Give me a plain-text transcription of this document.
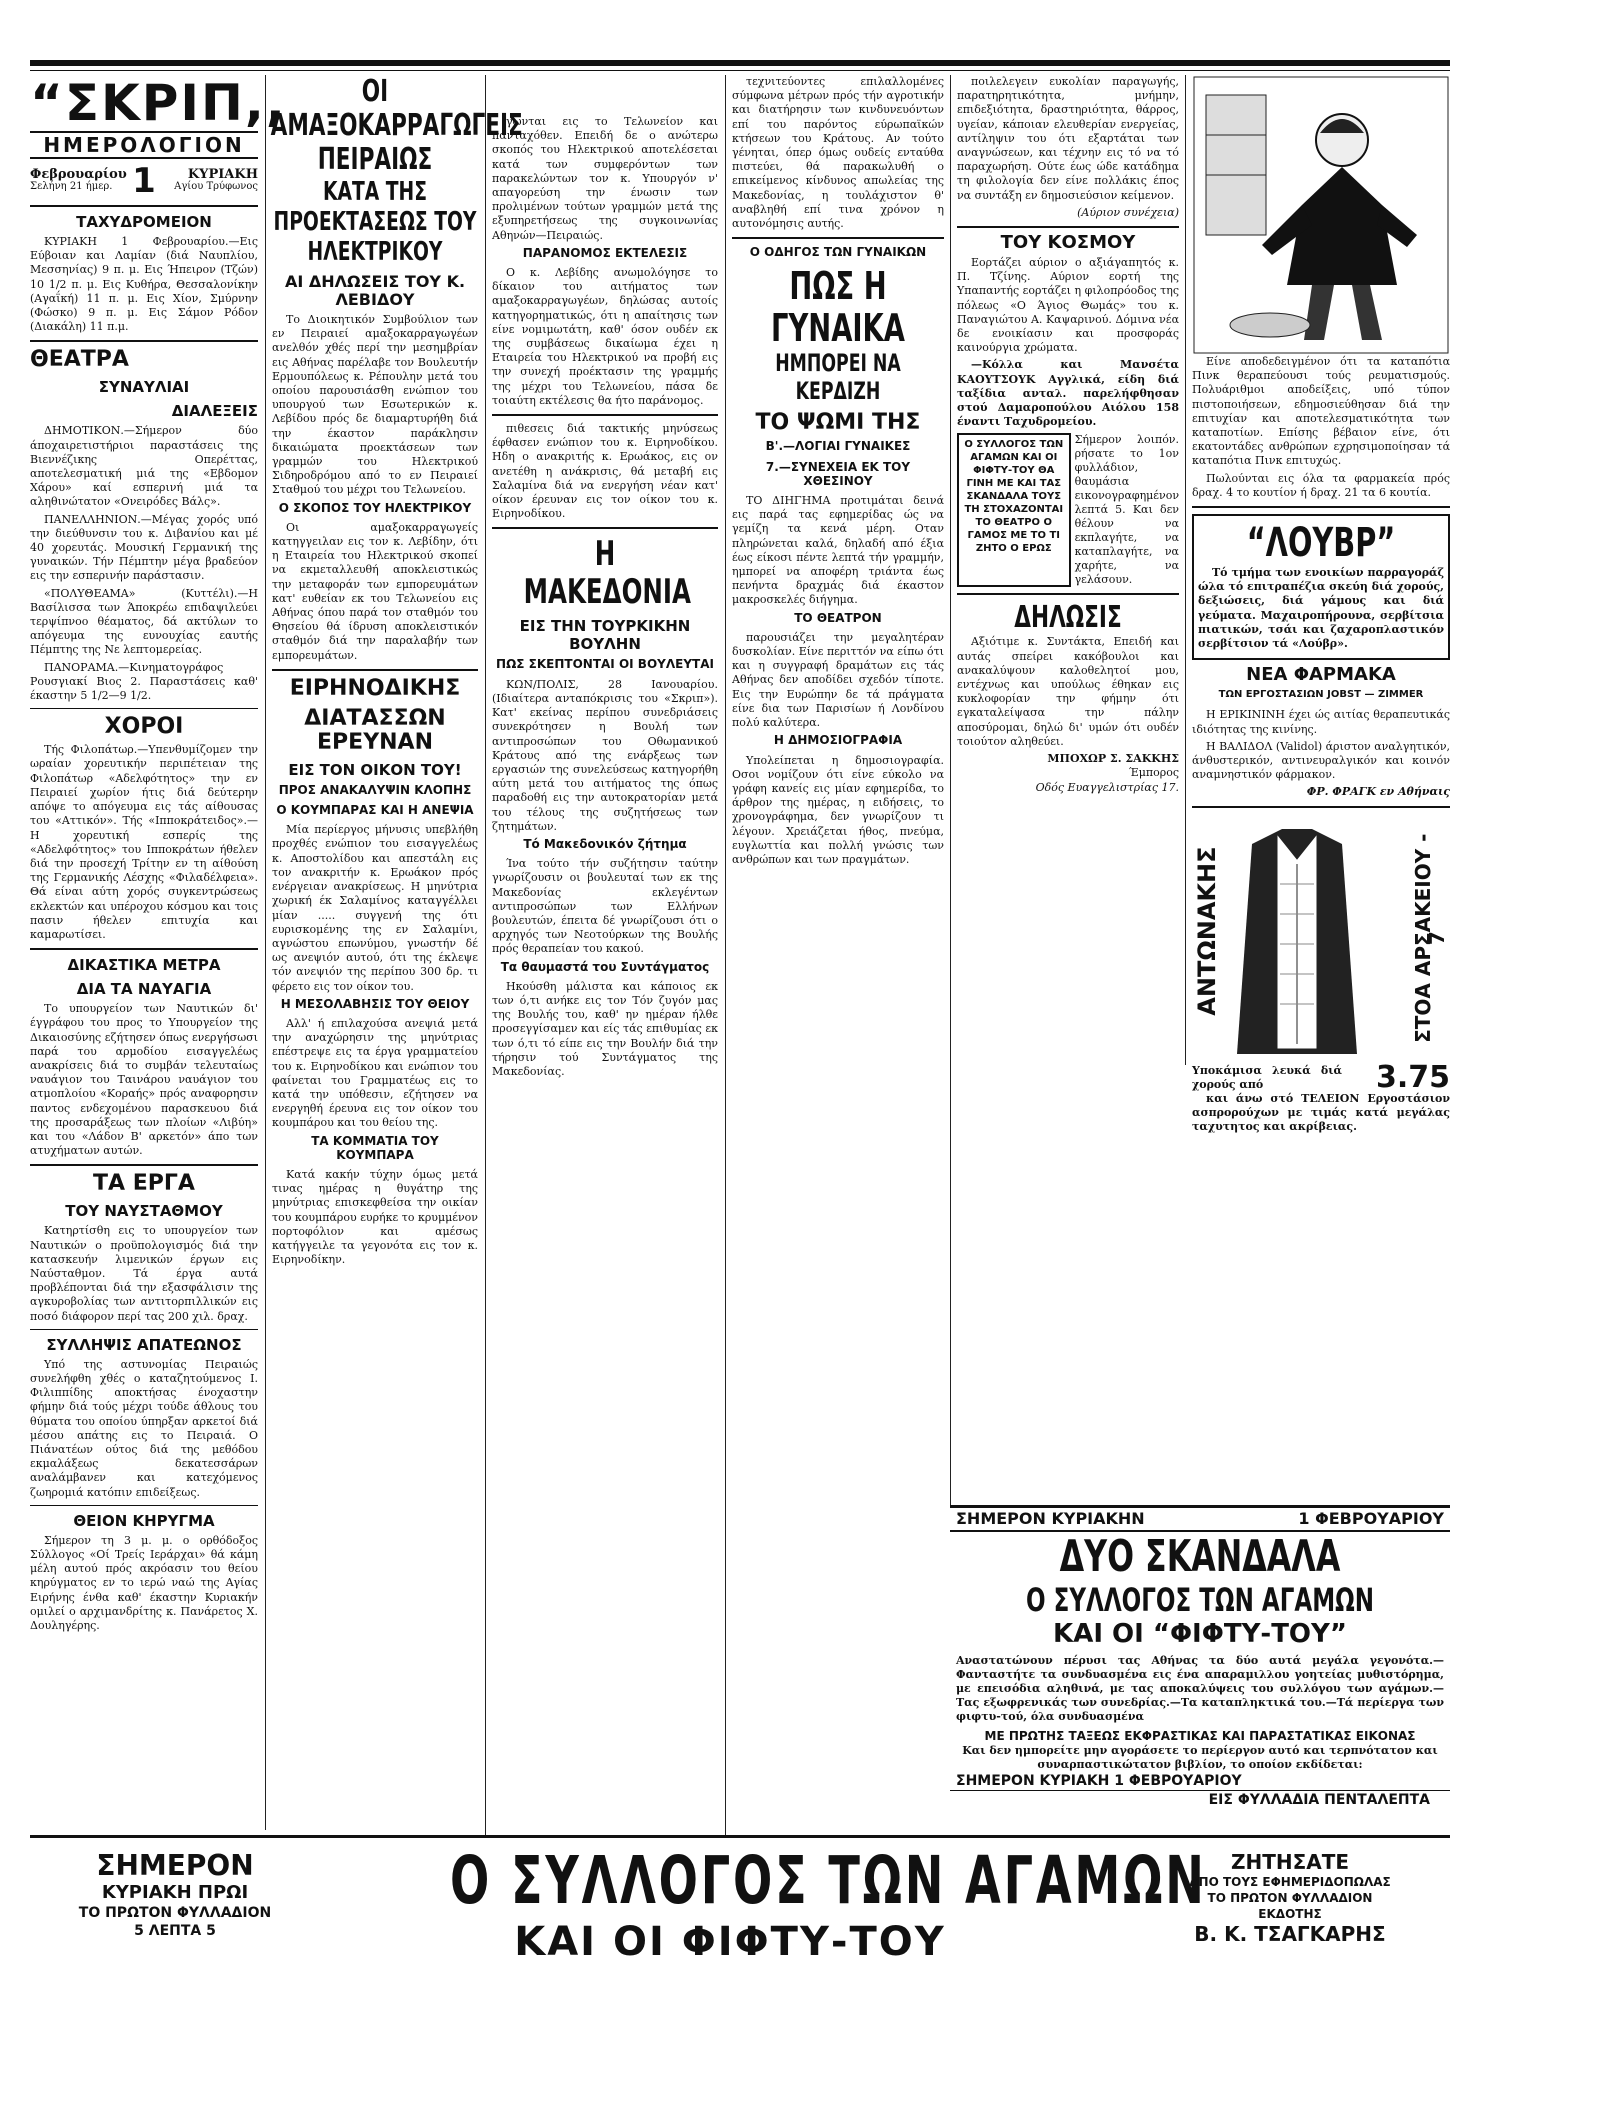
“ΣΚΡΙΠ,,
ΗΜΕΡΟΛΟΓΙΟΝ
Φεβρουαρίου
Σελήνη 21 ήμερ. 1	ΚΥΡΙΑΚΗ
Αγίου Τρύφωνος
ΤΑΧΥΔΡΟΜΕΙΟΝ

ΚΥΡΙΑΚΗ 1 Φεβρουαρίου.—Εις Εύβοιαν και Λαμίαν (διά Ναυπλίου, Μεσσηνίας) 9 π. μ. Εις Ήπειρον (Τζών) 10 1/2 π. μ. Εις Κυθήρα, Θεσσαλονίκην (Αγαΐκή) 11 π. μ. Εις Χίον, Σμύρνην (Φώσκο) 9 π. μ. Εις Σάμον Ρόδον (Διακάλη) 11 π.μ.

ΘΕΑΤΡΑ
ΣΥΝΑΥΛΙΑΙ
ΔΙΑΛΕΞΕΙΣ

ΔΗΜΟΤΙΚΟΝ.—Σήμερον δύο άποχαιρετιστήριοι παραστάσεις της Βιεννέζικης Οπερέττας, αποτελεσματική μιά της «Εβδομον Χάρου» καί εσπερινή μιά τα αληθινώτατον «Ονειρόδες Βάλς».

ΠΑΝΕΛΛΗΝΙΟΝ.—Μέγας χορός υπό την διεύθυνσιν του κ. Διβανίου και μέ 40 χορευτάς. Μουσική Γερμανική της γυναικών. Τήν Πέμπτην μέγα βραδεύον εις την εσπερινήν παράστασιν.

«ΠΟΛΥΘΕΑΜΑ» (Κυττέλι).—Η Βασίλισσα των Άποκρέω επιδαψιλεύει τερψίπνοο θέαματος, δά ακτύλων το απόγευμα της ευνουχίας εαυτής Πέμπτης της Νε λεπτομερείας.

ΠΑΝΟΡΑΜΑ.—Κινηματογράφος Ρουσγιακί Βιος 2. Παραστάσεις καθ' έκαστην 5 1/2—9 1/2.

ΧΟΡΟΙ

Τής Φιλοπάτωρ.—Υπενθυμίζομεν την ωραίαν χορευτικήν περιπέτειαν της Φιλοπάτωρ «Αδελφότητος» την εν Πειραιεί χωρίον ήτις διά δεύτερην απόψε το απόγευμα εις τάς αίθουσας του «Αττικόν». Τής «Ιπποκράτειδος».—Η χορευτική εσπερίς της «Αδελφότητος» του Ιπποκράτων ήθελεν διά την προσεχή Τρίτην εν τη αίθούση της Γερμανικής Λέσχης «Φιλαδέλφεια». Θά είναι αύτη χορός συγκεντρώσεως εκλεκτών και υπέροχου κόσμου και τοις πασιν ήθελεν επιτυχία και καμαρωτίσει.

ΔΙΚΑΣΤΙΚΑ ΜΕΤΡΑ
ΔΙΑ ΤΑ ΝΑΥΑΓΙΑ

Το υπουργείον των Ναυτικών δι' έγγράφου του προς το Υπουργείον της Δικαιοσύνης εζήτησεν όπως ενεργήσωσι παρά του αρμοδίου εισαγγελέως ανακρίσεις διά το συμβάν τελευταίως ναυάγιον του Ταινάρου ναυάγιον του ατμοπλοίου «Κοραής» πρός αναφορησιν παντος ενδεχομένου παρασκευου διά της προσαράξεως των πλοίων «Λιβύη» και του «Λάδον Β' αρκετόν» άπο των ατυχήματων αυτών.

ΤΑ ΕΡΓΑ
ΤΟΥ ΝΑΥΣΤΑΘΜΟΥ

Κατηρτίσθη εις το υπουργείον των Ναυτικών ο προϋπολογισμός διά την κατασκευήν λιμενικών έργων εις Ναύσταθμον. Τά έργα αυτά προβλέπονται διά την εξασφάλισιν της αγκυροβολίας των αντιτορπιλλικών εις ποσό διάφορον περί τας 200 χιλ. δραχ.

ΣΥΛΛΗΨΙΣ ΑΠΑΤΕΩΝΟΣ

Υπό της αστυνομίας Πειραιώς συνελήφθη χθές ο καταζητούμενος Ι. Φιλιππίδης αποκτήσας ένοχαστην φήμην διά τούς μέχρι τούδε άθλους του θύματα του οποίου ύπηρξαν αρκετοί διά μέσου απάτης εις το Πειραιά. Ο Πιάνατέων ούτος διά της μεθόδου εκμαλάξεως δεκατεσσάρων αναλάμβανεν και κατεχόμενος ζωηρομιά κατόπιν επιδείξεως.

ΘΕΙΟΝ ΚΗΡΥΓΜΑ

Σήμερον τη 3 μ. μ. ο ορθόδοξος Σύλλογος «Οί Τρείς Ιεράρχαι» θά κάμη μέλη αυτού πρός ακρόασιν του θείου κηρύγματος εν το ιερώ ναώ της Αγίας Ειρήνης ένθα καθ' έκαστην Κυριακήν ομιλεί ο αρχιμανδρίτης κ. Πανάρετος Χ. Δουληγέρης.

ΟΙ ΑΜΑΞΟΚΑΡΡΑΓΩΓΕΙΣ ΠΕΙΡΑΙΩΣ
ΚΑΤΑ ΤΗΣ ΠΡΟΕΚΤΑΣΕΩΣ ΤΟΥ ΗΛΕΚΤΡΙΚΟΥ
ΑΙ ΔΗΛΩΣΕΙΣ ΤΟΥ Κ. ΛΕΒΙΔΟΥ

Το Διοικητικόν Συμβούλιον των εν Πειραιεί αμαξοκαρραγωγέων ανελθόν χθές περί την μεσημβρίαν εις Αθήνας παρέλαβε τον Βουλευτήν Ερμουπόλεως κ. Ρέπουλην μετά του οποίου παρουσιάσθη ενώπιον του υπουργού των Εσωτερικών κ. Λεβίδου πρός δε διαμαρτυρήθη διά την έκαστον παράκλησιν δικαιώματα προεκτάσεων των γραμμών του Ηλεκτρικού Σιδηροδρόμου από το εν Πειραιεί Σταθμού του μέχρι του Τελωνείου.

Ο ΣΚΟΠΟΣ ΤΟΥ ΗΛΕΚΤΡΙΚΟΥ

Οι αμαξοκαρραγωγείς κατηγγειλαν εις τον κ. Λεβίδην, ότι η Εταιρεία του Ηλεκτρικού σκοπεί να εκμεταλλευθή αποκλειστικώς την μεταφοράν των εμπορευμάτων κατ' ευθείαν εκ του Τελωνείου εις Αθήνας όπου παρά τον σταθμόν του Θησείου θά ίδρυση αποκλειστικόν σταθμόν διά την παραλαβήν των εμπορευμάτων.

ΕΙΡΗΝΟΔΙΚΗΣ
ΔΙΑΤΑΣΣΩΝ ΕΡΕΥΝΑΝ
ΕΙΣ ΤΟΝ ΟΙΚΟΝ ΤΟΥ!
ΠΡΟΣ ΑΝΑΚΑΛΥΨΙΝ ΚΛΟΠΗΣ
Ο ΚΟΥΜΠΑΡΑΣ ΚΑΙ Η ΑΝΕΨΙΑ

Μία περίεργος μήνυσις υπεβλήθη προχθές ενώπιον του εισαγγελέως κ. Αποστολίδου και απεστάλη εις τον ανακριτήν κ. Ερωάκον πρός ενέργειαν ανακρίσεως. Η μηνύτρια χωρική έκ Σαλαμίνος καταγγέλλει μίαν ..... συγγενή της ότι ευρισκομένης της εν Σαλαμίνι, αγνώστου επωνύμου, γνωστήν δέ ως ανεψιόν αυτού, ότι της έκλεψε τόν ανεψιόν της περίπου 300 δρ. τι φέρετο εις τον οίκον του.

Η ΜΕΣΟΛΑΒΗΣΙΣ ΤΟΥ ΘΕΙΟΥ

Αλλ' ή επιλαχούσα ανεψιά μετά την αναχώρησιν της μηνύτριας επέστρεψε εις τα έργα γραμματείου του κ. Ειρηνοδίκου και ενώπιον του φαίνεται του Γραμματέως εις το κατά την υπόθεσιν, εζήτησεν να ενεργηθή έρευνα εις τον οίκον του κουμπάρου και του θείου της.

ΤΑ ΚΟΜΜΑΤΙΑ ΤΟΥ ΚΟΥΜΠΑΡΑ

Κατά κακήν τύχην όμως μετά τινας ημέρας η θυγάτηρ της μηνύτριας επισκεφθείσα την οικίαν του κουμπάρου ευρήκε το κρυμμένον πορτοφόλιον και αμέσως κατήγγειλε τα γεγονότα εις τον κ. Ειρηνοδίκην.

γωνται εις το Τελωνείον και πανταχόθεν. Επειδή δε ο ανώτερω σκοπός του Ηλεκτρικού αποτελέσεται κατά των συμφερόντων των παρακελώντων τον κ. Υπουργόν ν' απαγορεύση την ένωσιν των προλιμένων τούτων γραμμών μετά της εξυπηρετήσεως της συγκοινωνίας Αθηνών—Πειραιώς.

ΠΑΡΑΝΟΜΟΣ ΕΚΤΕΛΕΣΙΣ

Ο κ. Λεβίδης ανωμολόγησε το δίκαιον του αιτήματος των αμαξοκαρραγωγέων, δηλώσας αυτοίς κατηγορηματικώς, ότι η απαίτησις των είνε νομιμωτάτη, καθ' όσον ουδέν εκ της συμβάσεως δικαίωμα έχει η Εταιρεία του Ηλεκτρικού να προβή εις την συνεχή προέκτασιν της γραμμής της μέχρι του Τελωνείου, πάσα δε τοιαύτη εκτέλεσις θα ήτο παράνομος.

πιθεσεις διά τακτικής μηνύσεως έφθασεν ενώπιον του κ. Ειρηνοδίκου. Ηδη ο ανακριτής κ. Ερωάκος, εις ον ανετέθη η ανάκρισις, θά μεταβή εις Σαλαμίνα διά να ενεργήση νέαν κατ' οίκον έρευναν εις τον οίκον του κ. Ειρηνοδίκου.

Η ΜΑΚΕΔΟΝΙΑ
ΕΙΣ ΤΗΝ ΤΟΥΡΚΙΚΗΝ ΒΟΥΛΗΝ
ΠΩΣ ΣΚΕΠΤΟΝΤΑΙ ΟΙ ΒΟΥΛΕΥΤΑΙ

ΚΩΝ/ΠΟΛΙΣ, 28 Ιανουαρίου. (Ιδιαίτερα ανταπόκρισις του «Σκριπ»). Κατ' εκείνας περίπου συνεδριάσεις συνεκρότησεν η Βουλή των αντιπροσώπων του Οθωμανικού Κράτους από της ενάρξεως των εργασιών της συνελεύσεως κατηγορήθη αύτη μετά του αιτήματος της όπως παραδοθή εις την αυτοκρατορίαν μετά του τέλους της συζητήσεως των ζητημάτων.

Τό Μακεδονικόν ζήτημα

Ίνα τούτο τήν συζήτησιν ταύτην γνωρίζουσιν οι βουλευταί των εκ της Μακεδονίας εκλεγέντων αντιπροσώπων των Ελλήνων βουλευτών, έπειτα δέ γνωρίζουσι ότι ο αρχηγός των Νεοτούρκων της Βουλής πρός θεραπείαν του κακού.

Τα θαυμαστά του Συντάγματος

Ηκούσθη μάλιστα και κάποιος εκ των ό,τι ανήκε εις τον Τόν ζυγόν μας της Βουλής του, καθ' ην ημέραν ήλθε προσεγγίσαμεν και είς τάς επιθυμίας εκ των ό,τι τό είπε εις την Βουλήν διά την τήρησιν τού Συντάγματος της Μακεδονίας.

τεχνιτεύοντες επιλαλλομένες σύμφωνα μέτρων πρός τήν αγροτικήν και διατήρησιν των κινδυνευόντων επί του παρόντος εύρωπαϊκών κτήσεων του Κράτους. Αν τούτο γένηται, όπερ όμως ουδείς ενταύθα πιστεύει, θά παρακωλυθή ο επικείμενος κίνδυνος απωλείας της Μακεδονίας, η τουλάχιστον θ' αναβληθή επί τινα χρόνον η αυτονόμησις αυτής.

Ο ΟΔΗΓΟΣ ΤΩΝ ΓΥΝΑΙΚΩΝ
ΠΩΣ Η ΓΥΝΑΙΚΑ
ΗΜΠΟΡΕΙ ΝΑ ΚΕΡΔΙΖΗ
ΤΟ ΨΩΜΙ ΤΗΣ
Β'.—ΛΟΓΙΑΙ ΓΥΝΑΙΚΕΣ
7.—ΣΥΝΕΧΕΙΑ ΕΚ ΤΟΥ ΧΘΕΣΙΝΟΥ

ΤΟ ΔΙΗΓΗΜΑ προτιμάται δεινά εις παρά τας εφημερίδας ώς να γεμίζη τα κενά μέρη. Οταν πληρώνεται καλά, δηλαδή από έξια έως είκοσι πέντε λεπτά τήν γραμμήν, ημπορεί να αποφέρη τριάντα έως πενήντα δραχμάς διά έκαστον μακροσκελές διήγημα.

ΤΟ ΘΕΑΤΡΟΝ

παρουσιάζει την μεγαλητέραν δυσκολίαν. Είνε περιττόν να είπω ότι και η συγγραφή δραμάτων εις τάς Αθήνας δεν αποδίδει σχεδόν τίποτε. Εις την Ευρώπην δε τά πράγματα είνε δια των Παρισίων ή Λονδίνου πολύ καλύτερα.

Η ΔΗΜΟΣΙΟΓΡΑΦΙΑ

Υπολείπεται η δημοσιογραφία. Οσοι νομίζουν ότι είνε εύκολο να γράφη κανείς εις μίαν εφημερίδα, το άρθρον της ημέρας, η ειδήσεις, το χρονογράφημα, δεν γνωρίζουν τι λέγουν. Χρειάζεται ήθος, πνεύμα, ευγλωττία και πολλή γνώσις των ανθρώπων και των πραγμάτων.

ποιλελεγειν ευκολίαν παραγωγής, παρατηρητικότητα, μνήμην, επιδεξιότητα, δραστηριότητα, θάρρος, υγείαν, κάποιαν ελευθερίαν ενεργείας, αντίληψιν του ότι εξαρτάται των αναγνώσεων, και τέχνην εις τό να τό παραχωρήση. Ούτε έως ώδε κατάδημα τη φιλολογία δεν είνε πολλάκις έπος να συντάξη εν δημοσιεύσιον κείμενον.

(Αύριον συνέχεια)
ΤΟΥ ΚΟΣΜΟΥ

Εορτάζει αύριον ο αξιάγαπητός κ. Π. Τζίνης. Αύριον εορτή της Υπαπαντής εορτάζει η φιλοπρόοδος της πόλεως «Ο Άγιος Θωμάς» του κ. Παναγιώτου Α. Καψαρινού. Δόμινα νέα δε ενοικίασιν και προσφοράς καινούργια χρώματα.

—Κόλλα και Μανσέτα ΚΑΟΥΤΣΟΥΚ Αγγλικά, είδη διά ταξίδια ανταλ. παρελήφθησαν στού Δαμαροπούλου Αιόλου 158 έναντι Ταχυδρομείου.

Ο ΣΥΛΛΟΓΟΣ ΤΩΝ ΑΓΑΜΩΝ ΚΑΙ ΟΙ ΦΙΦΤΥ-ΤΟΥ ΘΑ ΓΙΝΗ ΜΕ ΚΑΙ ΤΑΣ ΣΚΑΝΔΑΛΑ ΤΟΥΣ ΤΗ ΣΤΟΧΑΖΟΝΤΑΙ ΤΟ ΘΕΑΤΡΟ Ο ΓΑΜΟΣ ΜΕ ΤΟ ΤΙ ΖΗΤΟ Ο ΕΡΩΣ
Σήμερον λοιπόν. ρήσατε το 1ον φυλλάδιον, θαυμάσια εικονογραφημένον λεπτά 5. Και δεν θέλουν να εκπλαγήτε, να καταπλαγήτε, να χαρήτε, να γελάσουν.
ΔΗΛΩΣΙΣ

Αξιότιμε κ. Συντάκτα, Επειδή και αυτάς σπείρει κακόβουλοι και ανακαλύψουν καλοθελητοί μου, εντέχνως και υπούλως έθηκαν εις κυκλοφορίαν την φήμην ότι εγκαταλείψασα την πάλην αποσύρομαι, δηλώ δι' υμών ότι ουδέν τοιούτον αληθεύει.

ΜΠΟΧΩΡ Σ. ΣΑΚΚΗΣ
Έμπορος
Οδός Ευαγγελιστρίας 17.

Είνε αποδεδειγμένον ότι τα καταπότια Πινκ θεραπεύουσι τούς ρευματισμούς. Πολυάριθμοι αποδείξεις, υπό τύπον πιστοποιήσεων, εδημοσιεύθησαν διά την επιτυχίαν και αποτελεσματικότητα των καταποτίων. Επίσης βέβαιον είνε, ότι εκατοντάδες ανθρώπων εχρησιμοποίησαν τά καταπότια Πινκ επιτυχώς.

Πωλούνται εις όλα τα φαρμακεία πρός δραχ. 4 το κουτίον ή δραχ. 21 τα 6 κουτία.

“ΛΟΥΒΡ”

Τό τμήμα των ενοικίων παρραγοράζ ώλα τό επιτραπέζια σκεύη διά χορούς, δεξιώσεις, διά γάμους και διά γεύματα. Μαχαιροπήρουνα, σερβίτσια πιατικών, τσάι και ζαχαροπλαστικόν σερβίτσιον τά «Λούβρ».

ΝΕΑ ΦΑΡΜΑΚΑ
ΤΩΝ ΕΡΓΟΣΤΑΣΙΩΝ JOBST — ZIMMER

Η ΕΡΙΚΙΝΙΝΗ έχει ώς αιτίας θεραπευτικάς ιδιότητας της κινίνης.

Η ΒΑΛΙΔΟΛ (Validol) άριστον αναλγητικόν, άνθυστερικόν, αντινευραλγικόν και κοινόν αναμνηστικόν φάρμακον.

ΦΡ. ΦΡΑΓΚ εν Αθήναις
ΑΝΤΩΝΑΚΗΣ	ΣΤΟΑ ΑΡΣΑΚΕΙΟΥ - 7
Υποκάμισα λευκά διά χορούς από	3.75

και άνω στό ΤΕΛΕΙΟΝ Εργοστάσιον ασπρορούχων με τιμάς κατά μεγάλας ταχυτητος και ακρίβειας.

ΣΗΜΕΡΟΝ ΚΥΡΙΑΚΗΝ	1 ΦΕΒΡΟΥΑΡΙΟΥ
ΔΥΟ ΣΚΑΝΔΑΛΑ
Ο ΣΥΛΛΟΓΟΣ ΤΩΝ ΑΓΑΜΩΝ
ΚΑΙ ΟΙ “ΦΙΦΤΥ-ΤΟΥ”
Αναστατώνουν πέρυσι τας Αθήνας τα δύο αυτά μεγάλα γεγονότα.—Φανταστήτε τα συνδυασμένα εις ένα απαραμιλλου γοητείας μυθιστόρημα, με επεισόδια αληθινά, με τας αποκαλύψεις του συλλόγου των αγάμων.—Τας εξωφρενικάς των συνεδρίας.—Τα καταπληκτικά του.—Τά περίεργα των φιφτυ-τού, όλα συνδυασμένα
ΜΕ ΠΡΩΤΗΣ ΤΑΞΕΩΣ ΕΚΦΡΑΣΤΙΚΑΣ ΚΑΙ ΠΑΡΑΣΤΑΤΙΚΑΣ ΕΙΚΟΝΑΣ
Και δεν ημπορείτε μην αγοράσετε το περίεργον αυτό και τερπνότατον και συναρπαστικώτατον βιβλίον, το οποίον εκδίδεται:
ΣΗΜΕΡΟΝ ΚΥΡΙΑΚΗ 1 ΦΕΒΡΟΥΑΡΙΟΥ
ΕΙΣ ΦΥΛΛΑΔΙΑ ΠΕΝΤΑΛΕΠΤΑ
ΣΗΜΕΡΟΝ
ΚΥΡΙΑΚΗ ΠΡΩΙ
ΤΟ ΠΡΩΤΟΝ ΦΥΛΛΑΔΙΟΝ
5 ΛΕΠΤΑ 5
Ο ΣΥΛΛΟΓΟΣ ΤΩΝ ΑΓΑΜΩΝ
ΚΑΙ ΟΙ ΦΙΦΤΥ-ΤΟΥ
ΖΗΤΗΣΑΤΕ
ΑΠΟ ΤΟΥΣ ΕΦΗΜΕΡΙΔΟΠΩΛΑΣ
ΤΟ ΠΡΩΤΟΝ ΦΥΛΛΑΔΙΟΝ
ΕΚΔΟΤΗΣ
Β. Κ. ΤΣΑΓΚΑΡΗΣ
